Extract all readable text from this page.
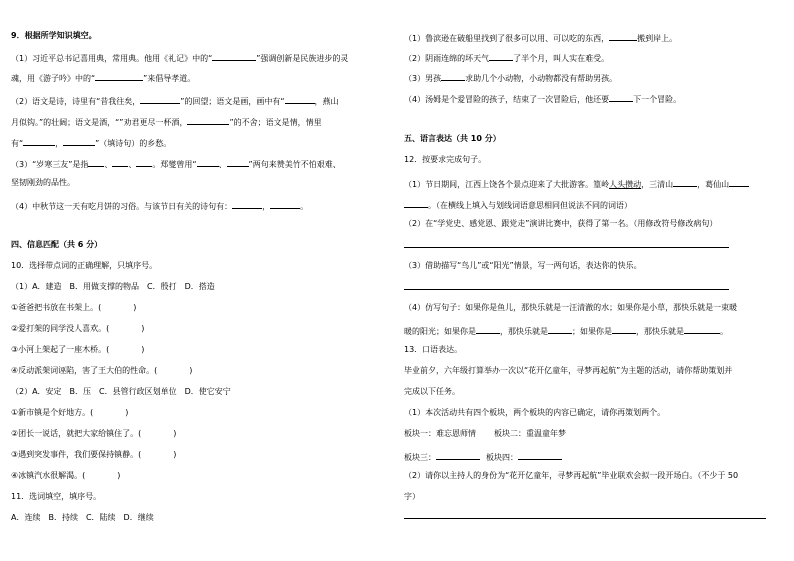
9．根据所学知识填空。
（1）习近平总书记喜用典，常用典。他用《礼记》中的“	”强调创新是民族进步的灵
魂，用《游子吟》中的“	”来倡导孝道。
（2）语文是诗，诗里有“昔我往矣，	”的回望；语文是画，画中有“	，燕山
月似钩。”的壮阔；语文是酒，“”劝君更尽一杯酒，	”的不舍；语文是情，情里
有“	，	”（填诗句）的乡愁。
（3）“岁寒三友”是指 、 、 。郑燮曾用“	、	”两句来赞美竹不怕艰难、
坚韧刚劲的品性。
（4）中秋节这一天有吃月饼的习俗。与该节日有关的诗句有：	，	。
四、信息匹配（共 6 分）
10．选择带点词的正确理解，只填序号。
（1）A．建造　B．用做支撑的物品　C．殷打　D．搭造
①爸爸把书放在书架上。(　　　　)
②爱打架的同学没人喜欢。(　　　　)
③小河上架起了一座木桥。(　　　　)
④反动派架词诬陷，害了王大伯的性命。(　　　　)
（2）A．安定　B．压　C．县管行政区划单位　D．使它安宁
①新市镇是个好地方。(　　　　)
②团长一说话，就把大家给镇住了。(　　　　)
③遇到突发事件，我们要保持镇静。(　　　　)
④冰镇汽水很解渴。(　　　　)
11．选词填空，填序号。
A．连续　B．持续　C．陆续　D．继续
（1）鲁滨逊在破船里找到了很多可以用、可以吃的东西，	搬到岸上。
（2）阴雨连绵的坏天气	了半个月，叫人实在难受。
（3）男孩	求助几个小动物，小动物都没有帮助男孩。
（4）汤姆是个爱冒险的孩子，结束了一次冒险后，他还要	下一个冒险。
五、语言表达（共 10 分）
12．按要求完成句子。
（1）节日期间，江西上饶各个景点迎来了大批游客。篁岭人头攒动，三清山	，葛仙山
。（在横线上填入与划线词语意思相同但说法不同的词语）
（2）在“学党史、感党恩、跟党走”演讲比赛中，获得了第一名。（用修改符号修改病句）
（3）借助描写“鸟儿”或“阳光”情景，写一两句话，表达你的快乐。
（4）仿写句子：如果你是鱼儿，那快乐就是一汪清澈的水；如果你是小草，那快乐就是一束暖
暖的阳光；如果你是	，那快乐就是	；如果你是	，那快乐就是	。
13．口语表达。
毕业前夕，六年级打算举办一次以“花开亿童年，寻梦再起航”为主题的活动，请你帮助策划并
完成以下任务。
（1）本次活动共有四个板块，两个板块的内容已确定，请你再策划两个。
板块一：难忘恩师情 板块二：重温童年梦
板块三：	板块四：
（2）请你以主持人的身份为“花开亿童年，寻梦再起航”毕业联欢会拟一段开场白。（不少于 50
字）
